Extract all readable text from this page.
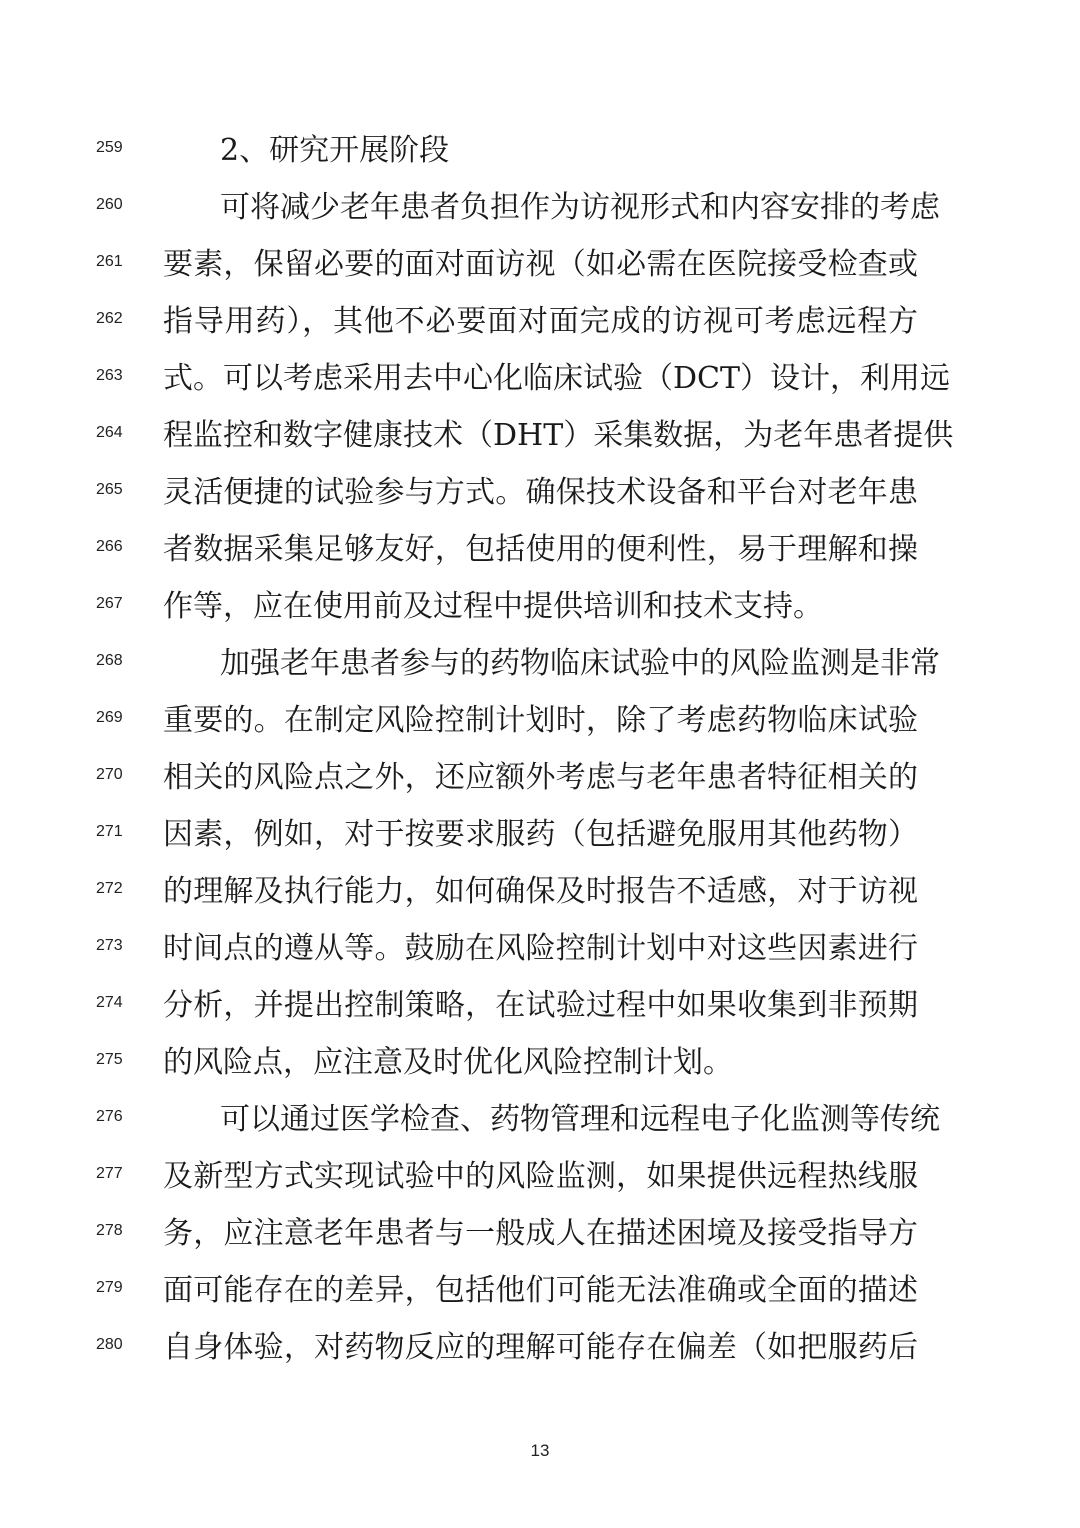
259	2、研究开展阶段
260	可将减少老年患者负担作为访视形式和内容安排的考虑
261	要素，保留必要的面对面访视（如必需在医院接受检查或
262	指导用药），其他不必要面对面完成的访视可考虑远程方
263	式。可以考虑采用去中心化临床试验（DCT）设计，利用远
264	程监控和数字健康技术（DHT）采集数据，为老年患者提供
265	灵活便捷的试验参与方式。确保技术设备和平台对老年患
266	者数据采集足够友好，包括使用的便利性，易于理解和操
267	作等，应在使用前及过程中提供培训和技术支持。
268	加强老年患者参与的药物临床试验中的风险监测是非常
269	重要的。在制定风险控制计划时，除了考虑药物临床试验
270	相关的风险点之外，还应额外考虑与老年患者特征相关的
271	因素，例如，对于按要求服药（包括避免服用其他药物）
272	的理解及执行能力，如何确保及时报告不适感，对于访视
273	时间点的遵从等。鼓励在风险控制计划中对这些因素进行
274	分析，并提出控制策略，在试验过程中如果收集到非预期
275	的风险点，应注意及时优化风险控制计划。
276	可以通过医学检查、药物管理和远程电子化监测等传统
277	及新型方式实现试验中的风险监测，如果提供远程热线服
278	务，应注意老年患者与一般成人在描述困境及接受指导方
279	面可能存在的差异，包括他们可能无法准确或全面的描述
280	自身体验，对药物反应的理解可能存在偏差（如把服药后
13
